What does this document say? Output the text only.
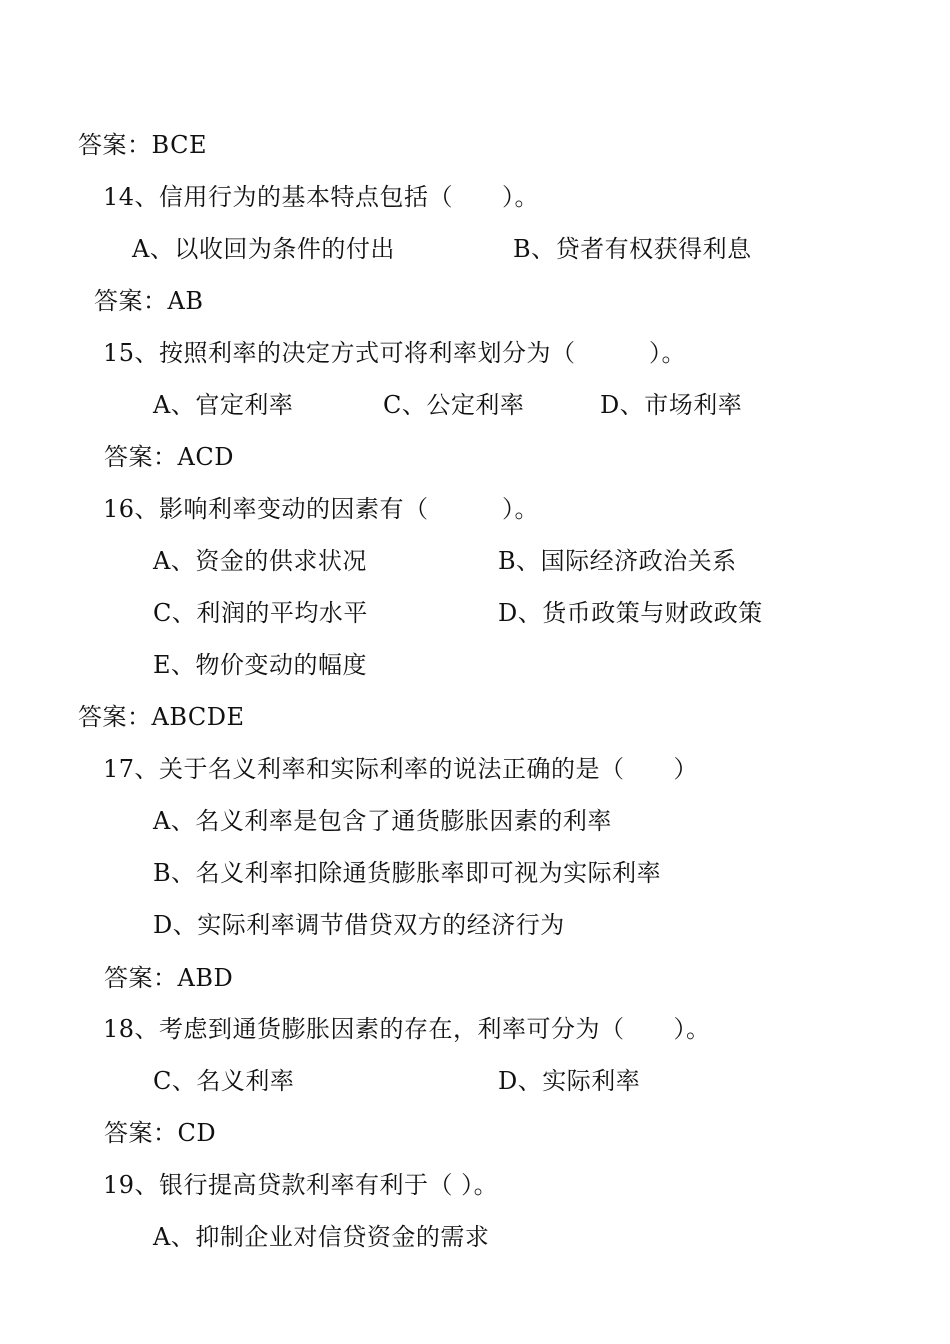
答案：BCE
14、信用行为的基本特点包括（　　）。
A、以收回为条件的付出	B、贷者有权获得利息
答案：AB
15、按照利率的决定方式可将利率划分为（　　　）。
A、官定利率	C、公定利率	D、市场利率
答案：ACD
16、影响利率变动的因素有（　　　）。
A、资金的供求状况	B、国际经济政治关系
C、利润的平均水平	D、货币政策与财政政策
E、物价变动的幅度
答案：ABCDE
17、关于名义利率和实际利率的说法正确的是（　　）
A、名义利率是包含了通货膨胀因素的利率
B、名义利率扣除通货膨胀率即可视为实际利率
D、实际利率调节借贷双方的经济行为
答案：ABD
18、考虑到通货膨胀因素的存在，利率可分为（　　）。
C、名义利率	D、实际利率
答案：CD
19、银行提高贷款利率有利于（ ）。
A、抑制企业对信贷资金的需求
